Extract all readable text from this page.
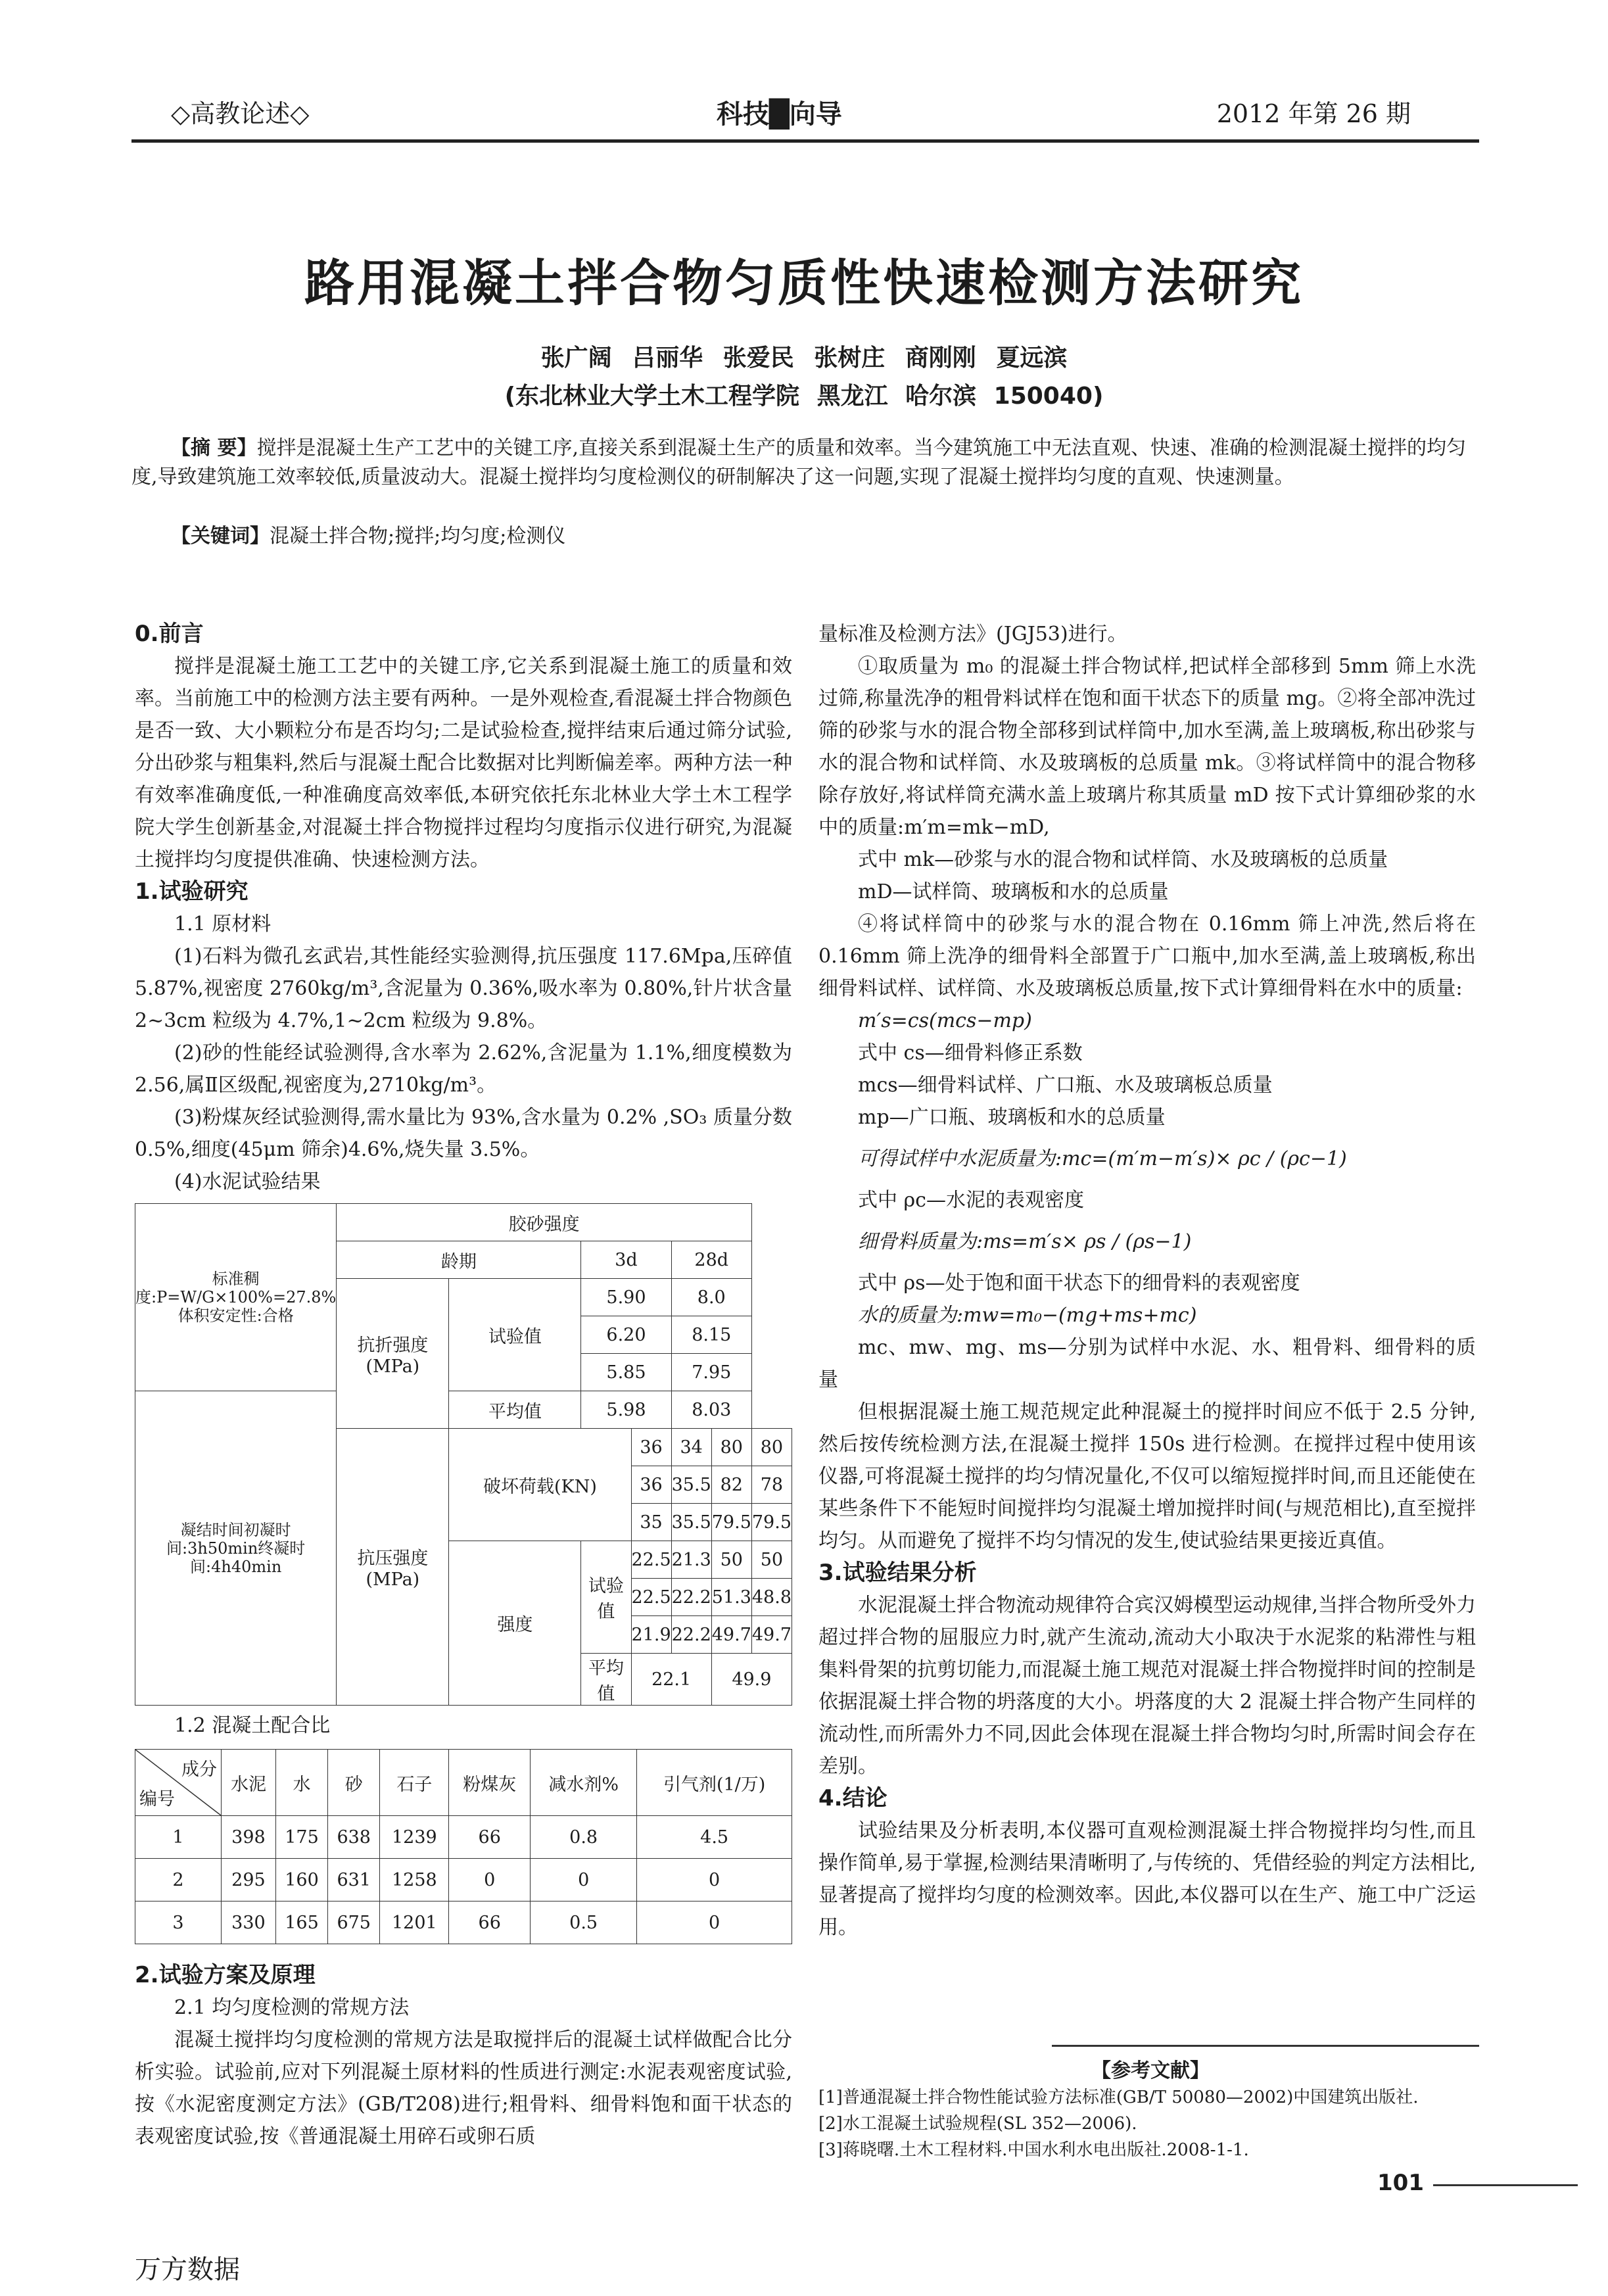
◇高教论述◇	科技█向导	2012 年第 26 期
路用混凝土拌合物匀质性快速检测方法研究
张广阔 吕丽华 张爱民 张树庄 商刚刚 夏远滨
(东北林业大学土木工程学院 黑龙江 哈尔滨 150040)
【摘 要】搅拌是混凝土生产工艺中的关键工序,直接关系到混凝土生产的质量和效率。当今建筑施工中无法直观、快速、准确的检测混凝土搅拌的均匀度,导致建筑施工效率较低,质量波动大。混凝土搅拌均匀度检测仪的研制解决了这一问题,实现了混凝土搅拌均匀度的直观、快速测量。
【关键词】混凝土拌合物;搅拌;均匀度;检测仪
0.前言

搅拌是混凝土施工工艺中的关键工序,它关系到混凝土施工的质量和效率。当前施工中的检测方法主要有两种。一是外观检查,看混凝土拌合物颜色是否一致、大小颗粒分布是否均匀;二是试验检查,搅拌结束后通过筛分试验,分出砂浆与粗集料,然后与混凝土配合比数据对比判断偏差率。两种方法一种有效率准确度低,一种准确度高效率低,本研究依托东北林业大学土木工程学院大学生创新基金,对混凝土拌合物搅拌过程均匀度指示仪进行研究,为混凝土搅拌均匀度提供准确、快速检测方法。

1.试验研究
1.1 原材料

(1)石料为微孔玄武岩,其性能经实验测得,抗压强度 117.6Mpa,压碎值 5.87%,视密度 2760kg/m³,含泥量为 0.36%,吸水率为 0.80%,针片状含量 2~3cm 粒级为 4.7%,1~2cm 粒级为 9.8%。

(2)砂的性能经试验测得,含水率为 2.62%,含泥量为 1.1%,细度模数为 2.56,属Ⅱ区级配,视密度为,2710kg/m³。

(3)粉煤灰经试验测得,需水量比为 93%,含水量为 0.2% ,SO₃ 质量分数 0.5%,细度(45μm 筛余)4.6%,烧失量 3.5%。

(4)水泥试验结果

标准稠度:P=W/G×100%=27.8%体积安定性:合格	胶砂强度						
	龄期		3d		28d		
	抗折强度(MPa)	试验值	5.90		8.0		
			6.20		8.15		
			5.85		7.95		
凝结时间初凝时间:3h50min终凝时间:4h40min		平均值	5.98		8.03		
	抗压强度(MPa)	破坏荷载(KN)		36	34	80	80
				36	35.5	82	78
				35	35.5	79.5	79.5
		强度	试验值	22.5	21.3	50	50
				22.5	22.2	51.3	48.8
				21.9	22.2	49.7	49.7
			平均值	22.1		49.9	
1.2 混凝土配合比
成分
编号	水泥	水	砂	石子	粉煤灰	减水剂%	引气剂(1/万)
1	398	175	638	1239	66	0.8	4.5
2	295	160	631	1258	0	0	0
3	330	165	675	1201	66	0.5	0
2.试验方案及原理
2.1 均匀度检测的常规方法

混凝土搅拌均匀度检测的常规方法是取搅拌后的混凝土试样做配合比分析实验。试验前,应对下列混凝土原材料的性质进行测定:水泥表观密度试验,按《水泥密度测定方法》(GB/T208)进行;粗骨料、细骨料饱和面干状态的表观密度试验,按《普通混凝土用碎石或卵石质

量标准及检测方法》(JGJ53)进行。

①取质量为 m₀ 的混凝土拌合物试样,把试样全部移到 5mm 筛上水洗过筛,称量洗净的粗骨料试样在饱和面干状态下的质量 mg。②将全部冲洗过筛的砂浆与水的混合物全部移到试样筒中,加水至满,盖上玻璃板,称出砂浆与水的混合物和试样筒、水及玻璃板的总质量 mk。③将试样筒中的混合物移除存放好,将试样筒充满水盖上玻璃片称其质量 mD 按下式计算细砂浆的水中的质量:m′m=mk−mD,

式中 mk—砂浆与水的混合物和试样筒、水及玻璃板的总质量

mD—试样筒、玻璃板和水的总质量

④将试样筒中的砂浆与水的混合物在 0.16mm 筛上冲洗,然后将在 0.16mm 筛上洗净的细骨料全部置于广口瓶中,加水至满,盖上玻璃板,称出细骨料试样、试样筒、水及玻璃板总质量,按下式计算细骨料在水中的质量:

m′s=cs(mcs−mp)

式中 cs—细骨料修正系数

mcs—细骨料试样、广口瓶、水及玻璃板总质量

mp—广口瓶、玻璃板和水的总质量

可得试样中水泥质量为:mc=(m′m−m′s)× ρc / (ρc−1)

式中 ρc—水泥的表观密度

细骨料质量为:ms=m′s× ρs / (ρs−1)

式中 ρs—处于饱和面干状态下的细骨料的表观密度

水的质量为:mw=m₀−(mg+ms+mc)

mc、mw、mg、ms—分别为试样中水泥、水、粗骨料、细骨料的质量

但根据混凝土施工规范规定此种混凝土的搅拌时间应不低于 2.5 分钟,然后按传统检测方法,在混凝土搅拌 150s 进行检测。在搅拌过程中使用该仪器,可将混凝土搅拌的均匀情况量化,不仅可以缩短搅拌时间,而且还能使在某些条件下不能短时间搅拌均匀混凝土增加搅拌时间(与规范相比),直至搅拌均匀。从而避免了搅拌不均匀情况的发生,使试验结果更接近真值。

3.试验结果分析

水泥混凝土拌合物流动规律符合宾汉姆模型运动规律,当拌合物所受外力超过拌合物的屈服应力时,就产生流动,流动大小取决于水泥浆的粘滞性与粗集料骨架的抗剪切能力,而混凝土施工规范对混凝土拌合物搅拌时间的控制是依据混凝土拌合物的坍落度的大小。坍落度的大 2 混凝土拌合物产生同样的流动性,而所需外力不同,因此会体现在混凝土拌合物均匀时,所需时间会存在差别。

4.结论

试验结果及分析表明,本仪器可直观检测混凝土拌合物搅拌均匀性,而且操作简单,易于掌握,检测结果清晰明了,与传统的、凭借经验的判定方法相比,显著提高了搅拌均匀度的检测效率。因此,本仪器可以在生产、施工中广泛运用。

【参考文献】
[1]普通混凝土拌合物性能试验方法标准(GB/T 50080—2002)中国建筑出版社.
[2]水工混凝土试验规程(SL 352—2006).
[3]蒋晓曙.土木工程材料.中国水利水电出版社.2008-1-1.
101
万方数据
